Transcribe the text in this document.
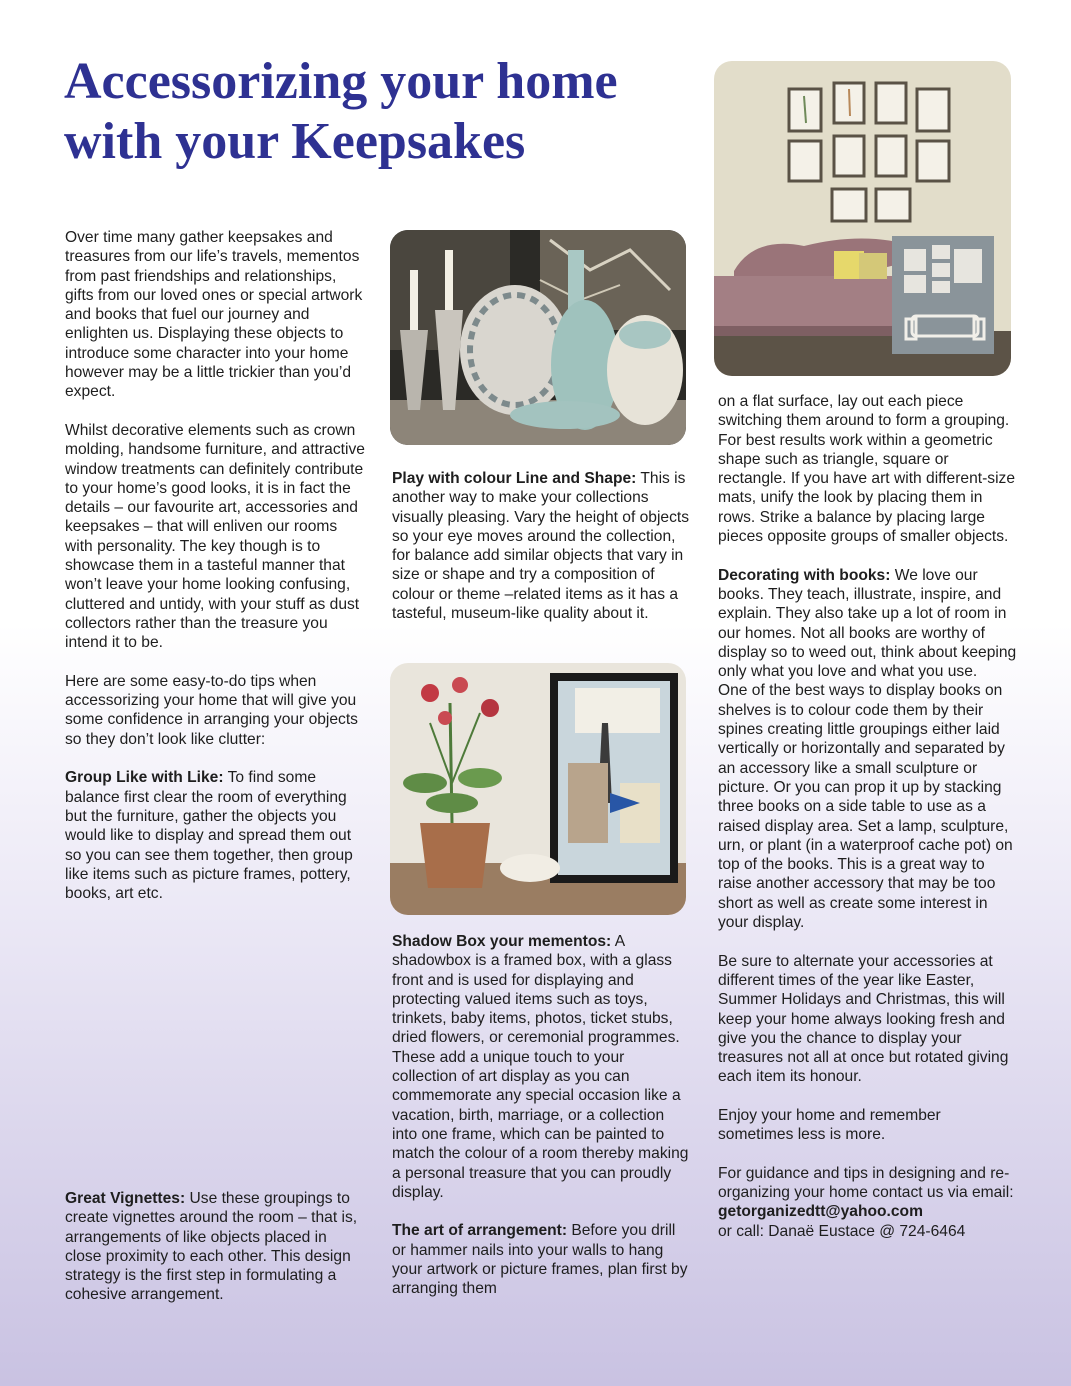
Accessorizing your home with your Keepsakes

Over time many gather keepsakes and treasures from our life’s travels, mementos from past friendships and relationships, gifts from our loved ones or special artwork and books that fuel our journey and enlighten us. Displaying these objects to introduce some character into your home however may be a little trickier than you’d expect.

Whilst decorative elements such as crown molding, handsome furniture, and attractive window treatments can definitely contribute to your home’s good looks, it is in fact the details – our favourite art, accessories and keepsakes – that will enliven our rooms with personality. The key though is to showcase them in a tasteful manner that won’t leave your home looking confusing, cluttered and untidy, with your stuff as dust collectors rather than the treasure you intend it to be.

Here are some easy-to-do tips when accessorizing your home that will give you some confidence in arranging your objects so they don’t look like clutter:

Group Like with Like: To find some balance first clear the room of everything but the furniture, gather the objects you would like to display and spread them out so you can see them together, then group like items such as picture frames, pottery, books, art etc.

Great Vignettes: Use these groupings to create vignettes around the room – that is, arrangements of like objects placed in close proximity to each other. This design strategy is the first step in formulating a cohesive arrangement.

Play with colour Line and Shape: This is another way to make your collections visually pleasing. Vary the height of objects so your eye moves around the collection, for balance add similar objects that vary in size or shape and try a composition of colour or theme –related items as it has a tasteful, museum-like quality about it.

Shadow Box your mementos: A shadowbox is a framed box, with a glass front and is used for displaying and protecting valued items such as toys, trinkets, baby items, photos, ticket stubs, dried flowers, or ceremonial programmes. These add a unique touch to your collection of art display as you can commemorate any special occasion like a vacation, birth, marriage, or a collection into one frame, which can be painted to match the colour of a room thereby making a personal treasure that you can proudly display.

The art of arrangement: Before you drill or hammer nails into your walls to hang your artwork or picture frames, plan first by arranging them

on a flat surface, lay out each piece switching them around to form a grouping. For best results work within a geometric shape such as triangle, square or rectangle. If you have art with different-size mats, unify the look by placing them in rows. Strike a balance by placing large pieces opposite groups of smaller objects.

Decorating with books: We love our books. They teach, illustrate, inspire, and explain. They also take up a lot of room in our homes. Not all books are worthy of display so to weed out, think about keeping only what you love and what you use.

One of the best ways to display books on shelves is to colour code them by their spines creating little groupings either laid vertically or horizontally and separated by an accessory like a small sculpture or picture. Or you can prop it up by stacking three books on a side table to use as a raised display area. Set a lamp, sculpture, urn, or plant (in a waterproof cache pot) on top of the books. This is a great way to raise another accessory that may be too short as well as create some interest in your display.

Be sure to alternate your accessories at different times of the year like Easter, Summer Holidays and Christmas, this will keep your home always looking fresh and give you the chance to display your treasures not all at once but rotated giving each item its honour.

Enjoy your home and remember sometimes less is more.

For guidance and tips in designing and re-organizing your home contact us via email: getorganizedtt@yahoo.com
or call: Danaë Eustace @ 724-6464
